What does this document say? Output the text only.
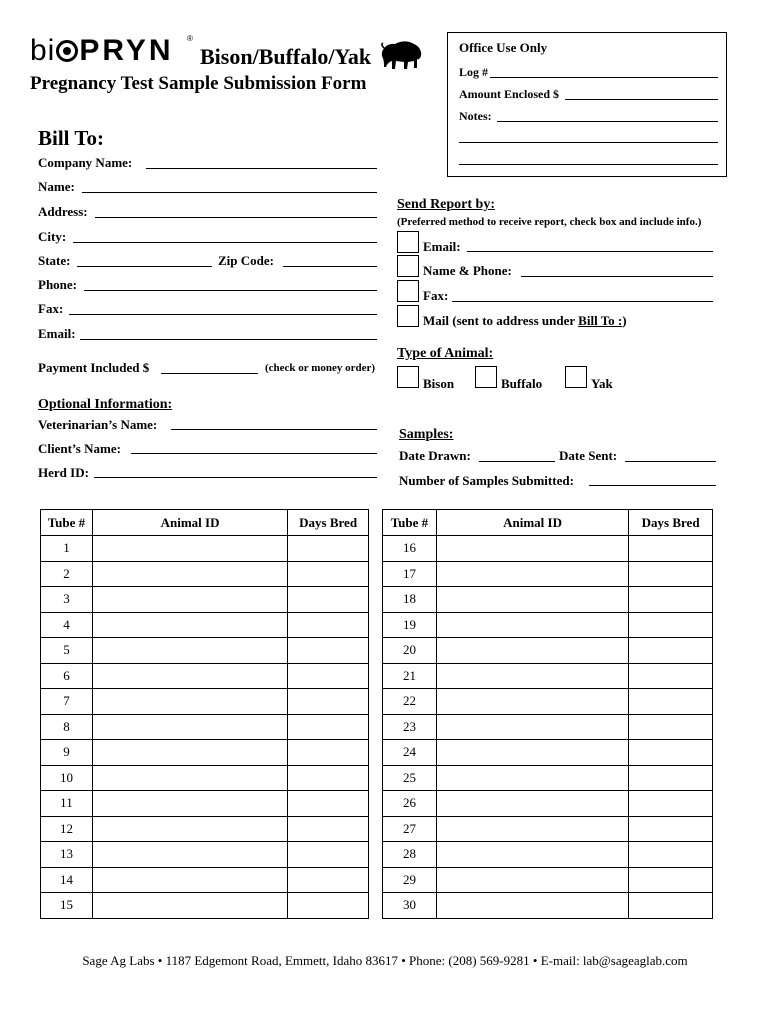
bi PRYN ®
Bison/Buffalo/Yak
Pregnancy Test Sample Submission Form
Office Use Only
Log #
Amount Enclosed $
Notes:
Bill To:
Company Name:
Name:
Address:
City:
State:	Zip Code:
Phone:
Fax:
Email:
Payment Included $	(check or money order)
Optional Information:
Veterinarian’s Name:
Client’s Name:
Herd ID:
Send Report by:
(Preferred method to receive report, check box and include info.)
Email:
Name & Phone:
Fax:
Mail (sent to address under Bill To :)
Type of Animal:
Bison	Buffalo	Yak
Samples:
Date Drawn:	Date Sent:
Number of Samples Submitted:
Tube #	Animal ID	Days Bred
1		
2		
3		
4		
5		
6		
7		
8		
9		
10		
11		
12		
13		
14		
15		
Tube #	Animal ID	Days Bred
16		
17		
18		
19		
20		
21		
22		
23		
24		
25		
26		
27		
28		
29		
30		
Sage Ag Labs • 1187 Edgemont Road, Emmett, Idaho 83617 • Phone: (208) 569-9281 • E-mail: lab@sageaglab.com
